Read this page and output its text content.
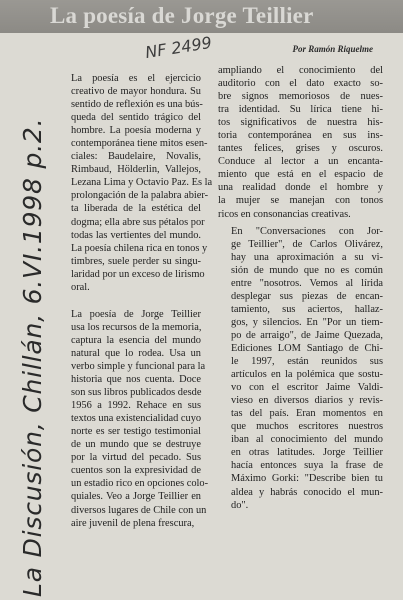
La poesía de Jorge Teillier
Por Ramón Riquelme
NF 2499
La Discusión, Chillán, 6.VI.1998 p.2.

La poesía es el ejercicio
creativo de mayor hondura. Su
sentido de reflexión es una bús-
queda del sentido trágico del
hombre. La poesía moderna y
contemporánea tiene mitos esen-
ciales: Baudelaire, Novalis,
Rimbaud, Hölderlin, Vallejos,
Lezana Lima y Octavio Paz. Es la
prolongación de la palabra abier-
ta liberada de la estética del
dogma; ella abre sus pétalos por
todas las vertientes del mundo.
La poesía chilena rica en tonos y
timbres, suele perder su singu-
laridad por un exceso de lirismo
oral.

La poesía de Jorge Teillier
usa los recursos de la memoria,
captura la esencia del mundo
natural que lo rodea. Usa un
verbo simple y funcional para la
historia que nos cuenta. Doce
son sus libros publicados desde
1956 a 1992. Rehace en sus
textos una existencialidad cuyo
norte es ser testigo testimonial
de un mundo que se destruye
por la virtud del pecado. Sus
cuentos son la expresividad de
un estadio rico en opciones colo-
quiales. Veo a Jorge Teillier en
diversos lugares de Chile con un
aire juvenil de plena frescura,

ampliando el conocimiento del
auditorio con el dato exacto so-
bre signos memoriosos de nues-
tra identidad. Su lírica tiene hi-
tos significativos de nuestra his-
toria contemporánea en sus ins-
tantes felices, grises y oscuros.
Conduce al lector a un encanta-
miento que está en el espacio de
una realidad donde el hombre y
la mujer se manejan con tonos
ricos en consonancias creativas.

En "Conversaciones con Jor-
ge Teillier", de Carlos Olivárez,
hay una aproximación a su vi-
sión de mundo que no es común
entre "nosotros. Vemos al lírida
desplegar sus piezas de encan-
tamiento, sus aciertos, hallaz-
gos, y silencios. En "Por un tiem-
po de arraigo", de Jaime Quezada,
Ediciones LOM Santiago de Chi-
le 1997, están reunidos sus
artículos en la polémica que sostu-
vo con el escritor Jaime Valdi-
vieso en diversos diarios y revis-
tas del país. Eran momentos en
que muchos escritores nuestros
iban al conocimiento del mundo
en otras latitudes. Jorge Teillier
hacía entonces suya la frase de
Máximo Gorki: "Describe bien tu
aldea y habrás conocido el mun-
do".
